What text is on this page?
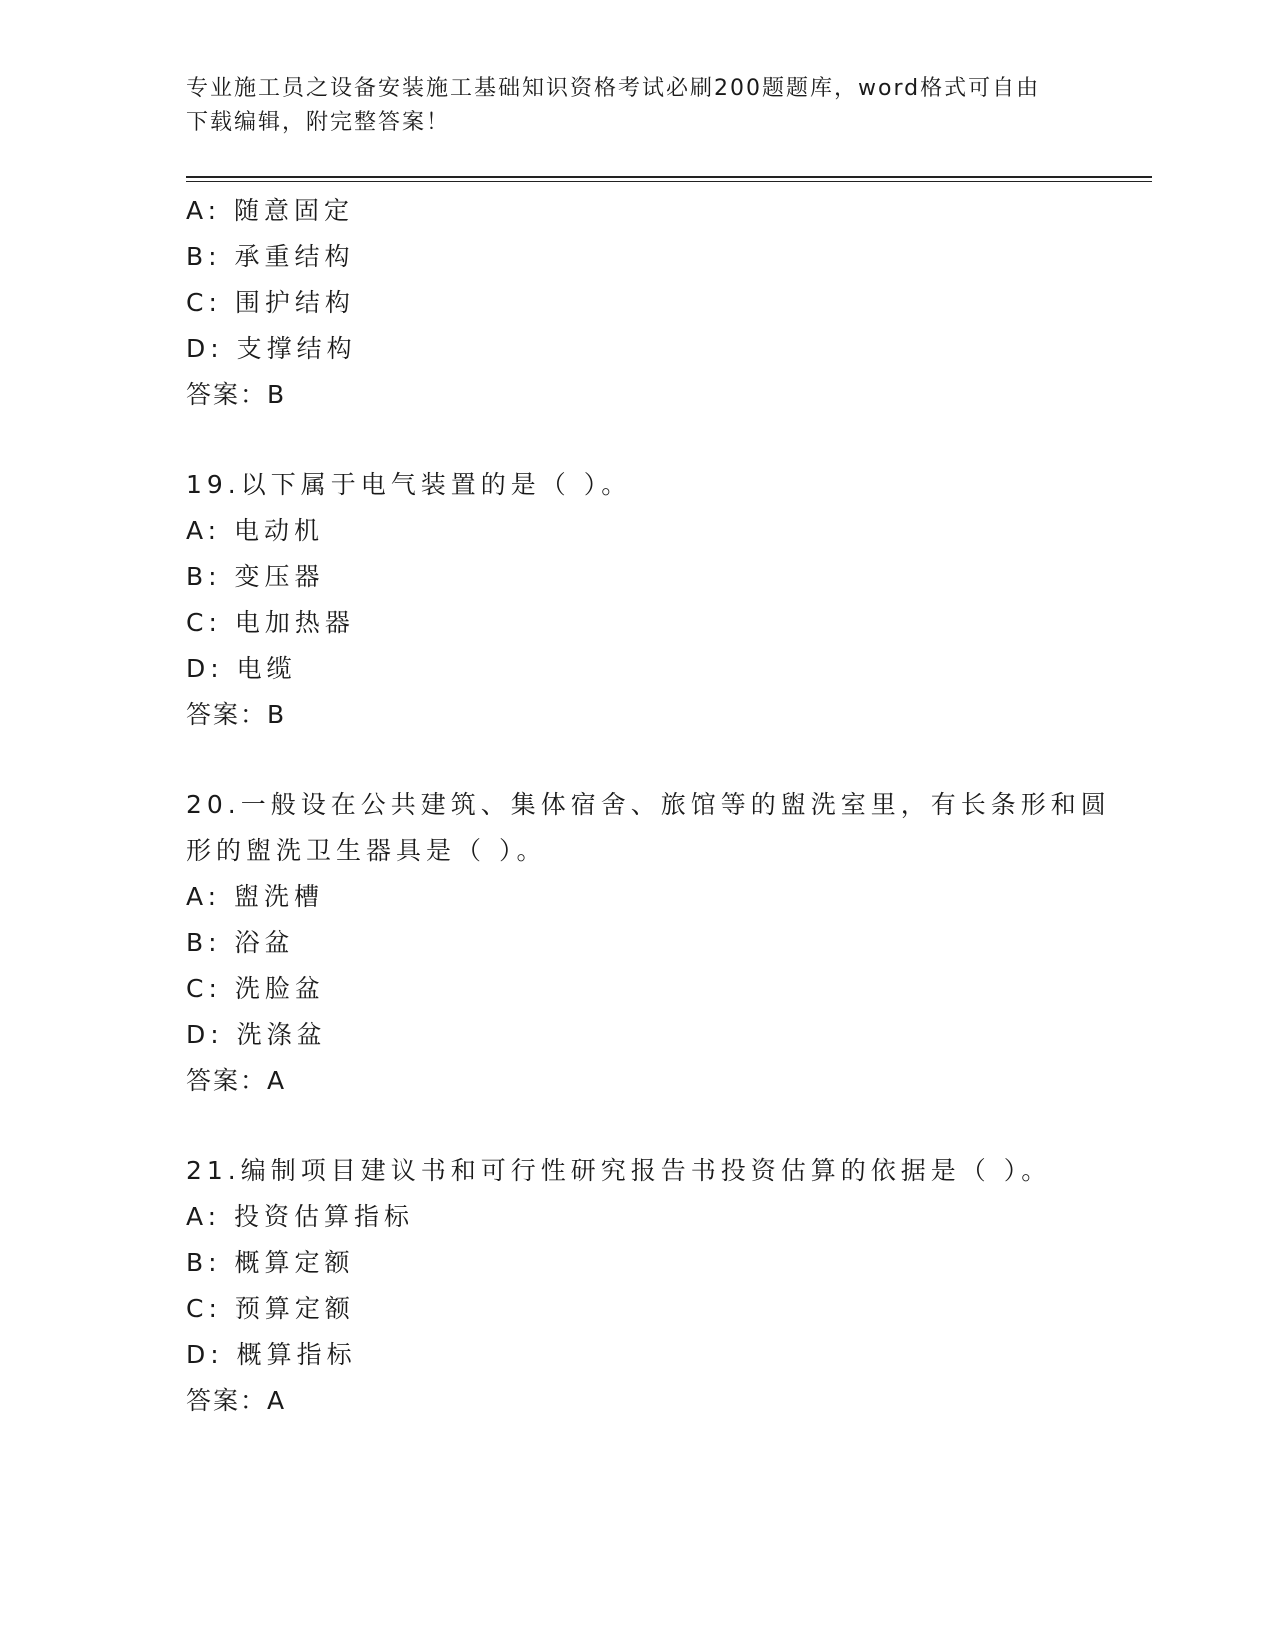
专业施工员之设备安装施工基础知识资格考试必刷200题题库，word格式可自由
下载编辑，附完整答案！
A: 随意固定
B: 承重结构
C: 围护结构
D: 支撑结构
答案：B
19.以下属于电气装置的是（ ）。
A: 电动机
B: 变压器
C: 电加热器
D: 电缆
答案：B
20.一般设在公共建筑、集体宿舍、旅馆等的盥洗室里，有长条形和圆
形的盥洗卫生器具是（ ）。
A: 盥洗槽
B: 浴盆
C: 洗脸盆
D: 洗涤盆
答案：A
21.编制项目建议书和可行性研究报告书投资估算的依据是（ ）。
A: 投资估算指标
B: 概算定额
C: 预算定额
D: 概算指标
答案：A
